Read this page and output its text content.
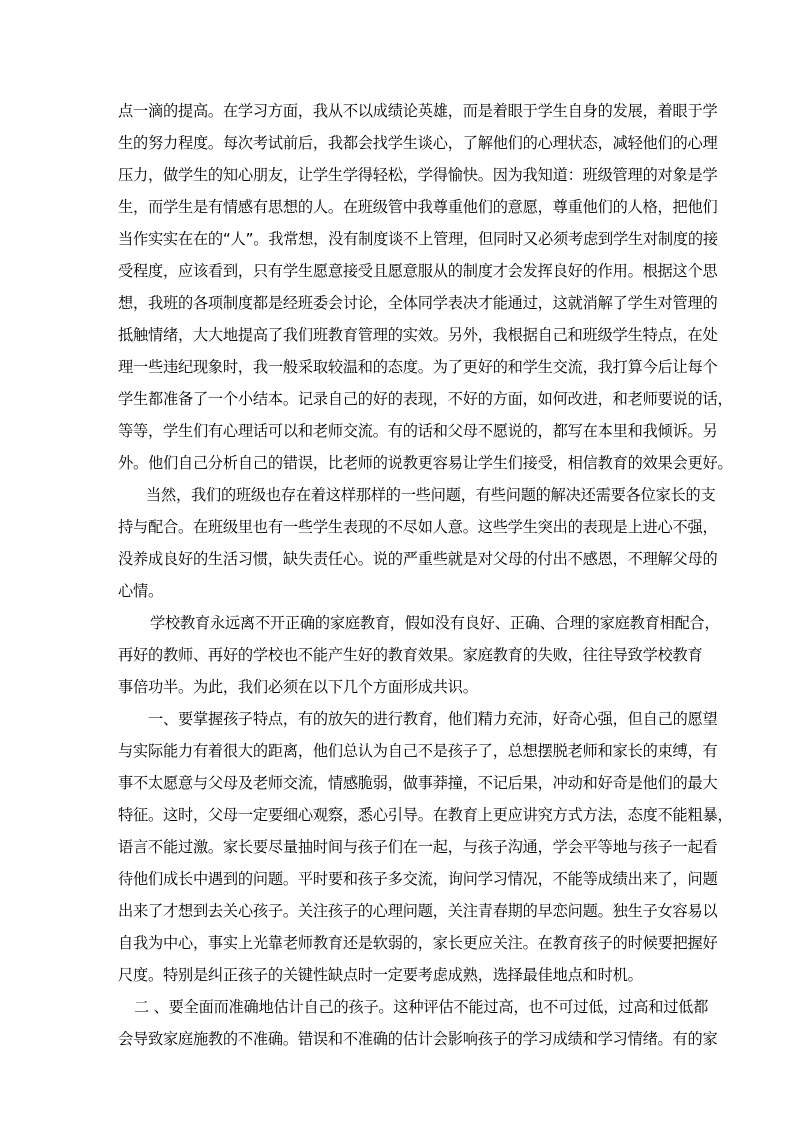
点一滴的提高。在学习方面，我从不以成绩论英雄，而是着眼于学生自身的发展，着眼于学
生的努力程度。每次考试前后，我都会找学生谈心，了解他们的心理状态，减轻他们的心理
压力，做学生的知心朋友，让学生学得轻松，学得愉快。因为我知道：班级管理的对象是学
生，而学生是有情感有思想的人。在班级管中我尊重他们的意愿，尊重他们的人格，把他们
当作实实在在的“人”。我常想，没有制度谈不上管理，但同时又必须考虑到学生对制度的接
受程度，应该看到，只有学生愿意接受且愿意服从的制度才会发挥良好的作用。根据这个思
想，我班的各项制度都是经班委会讨论，全体同学表决才能通过，这就消解了学生对管理的
抵触情绪，大大地提高了我们班教育管理的实效。另外，我根据自己和班级学生特点，在处
理一些违纪现象时，我一般采取较温和的态度。为了更好的和学生交流，我打算今后让每个
学生都准备了一个小结本。记录自己的好的表现，不好的方面，如何改进，和老师要说的话，
等等，学生们有心理话可以和老师交流。有的话和父母不愿说的，都写在本里和我倾诉。另
外。他们自己分析自己的错误，比老师的说教更容易让学生们接受，相信教育的效果会更好。
当然，我们的班级也存在着这样那样的一些问题，有些问题的解决还需要各位家长的支
持与配合。在班级里也有一些学生表现的不尽如人意。这些学生突出的表现是上进心不强，
没养成良好的生活习惯，缺失责任心。说的严重些就是对父母的付出不感恩，不理解父母的
心情。
学校教育永远离不开正确的家庭教育，假如没有良好、正确、合理的家庭教育相配合，
再好的教师、再好的学校也不能产生好的教育效果。家庭教育的失败，往往导致学校教育
事倍功半。为此，我们必须在以下几个方面形成共识。
一、要掌握孩子特点，有的放矢的进行教育，他们精力充沛，好奇心强，但自己的愿望
与实际能力有着很大的距离，他们总认为自己不是孩子了，总想摆脱老师和家长的束缚，有
事不太愿意与父母及老师交流，情感脆弱，做事莽撞，不记后果，冲动和好奇是他们的最大
特征。这时，父母一定要细心观察，悉心引导。在教育上更应讲究方式方法，态度不能粗暴，
语言不能过激。家长要尽量抽时间与孩子们在一起，与孩子沟通，学会平等地与孩子一起看
待他们成长中遇到的问题。平时要和孩子多交流，询问学习情况，不能等成绩出来了，问题
出来了才想到去关心孩子。关注孩子的心理问题，关注青春期的早恋问题。独生子女容易以
自我为中心，事实上光靠老师教育还是软弱的，家长更应关注。在教育孩子的时候要把握好
尺度。特别是纠正孩子的关键性缺点时一定要考虑成熟，选择最佳地点和时机。
二 、要全面而准确地估计自己的孩子。这种评估不能过高，也不可过低，过高和过低都
会导致家庭施教的不准确。错误和不准确的估计会影响孩子的学习成绩和学习情绪。有的家
